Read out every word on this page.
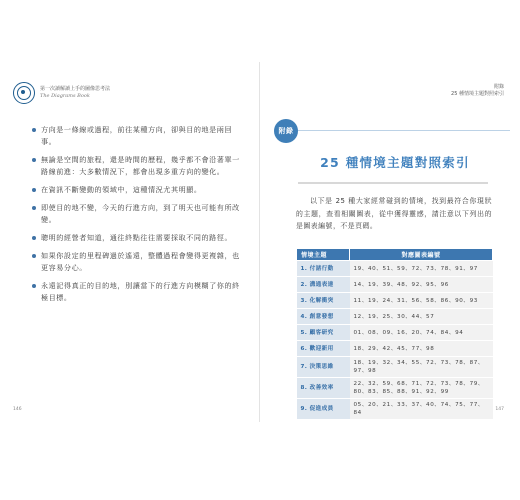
第一次讀解讀上手的圖像思考法
The Diagrams Book
方向是一條線或過程，前往某種方向，卻與目的地是兩回事。
無論是空間的旅程，還是時間的歷程，幾乎都不會沿著單一路線前進：大多數情況下，都會出現多重方向的變化。
在資訊不斷變動的領域中，這種情況尤其明顯。
即使目的地不變，今天的行進方向，到了明天也可能有所改變。
聰明的經營者知道，通往終點往往需要採取不同的路徑。
如果你設定的里程碑過於遙遠，整體過程會變得更複雜，也更容易分心。
永遠記得真正的目的地，別讓當下的行進方向模糊了你的終極目標。
146
附錄
25 種情境主題對照索引
147
附錄
25 種情境主題對照索引

以下是 25 種大家經常碰到的情境，找到最符合你現狀的主題，查看相關圖表，從中獲得靈感，請注意以下列出的是圖表編號，不是頁碼。

情境主題	對應圖表編號
1. 付諸行動	19、40、51、59、72、73、78、91、97
2. 溝通表達	14、19、39、48、92、95、96
3. 化解衝突	11、19、24、31、56、58、86、90、93
4. 創意發想	12、19、25、30、44、57
5. 顧客研究	01、08、09、16、20、74、84、94
6. 歡迎新用	18、29、42、45、77、98
7. 決策思維	18、19、32、34、55、72、73、78、87、97、98
8. 改善效率	22、32、59、68、71、72、73、78、79、80、83、85、88、91、92、99
9. 促進成員	05、20、21、33、37、40、74、75、77、84
